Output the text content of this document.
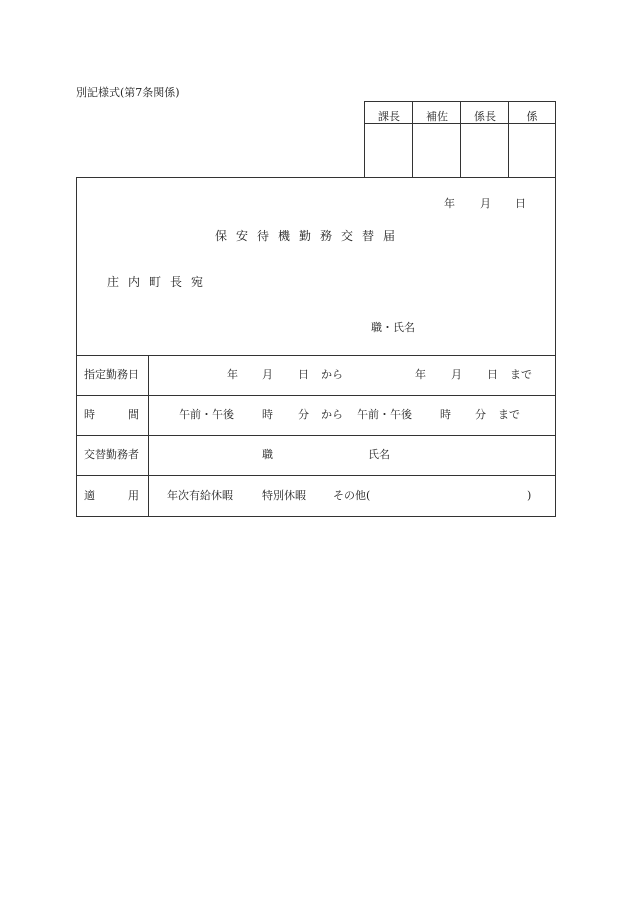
別記様式(第7条関係)
課長	補佐	係長	係
年 月 日
保安待機勤務交替届
庄内町長宛
職・氏名
指定勤務日	年 月 日 から	年 月 日 まで
時　　　間	午前・午後	時 分 から 午前・午後	時 分 まで
交替勤務者	職	氏名
適　　　用	年次有給休暇	特別休暇 その他(	)
